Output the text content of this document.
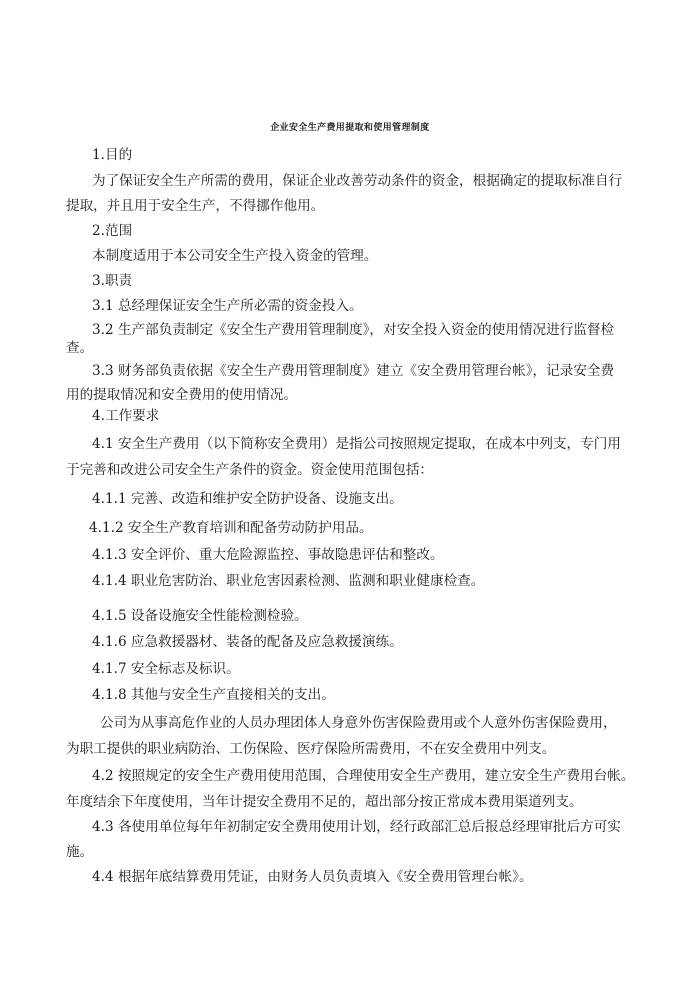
企业安全生产费用提取和使用管理制度
1.目的
为了保证安全生产所需的费用，保证企业改善劳动条件的资金，根据确定的提取标准自行
提取，并且用于安全生产，不得挪作他用。
2.范围
本制度适用于本公司安全生产投入资金的管理。
3.职责
3.1 总经理保证安全生产所必需的资金投入。
3.2 生产部负责制定《安全生产费用管理制度》，对安全投入资金的使用情况进行监督检
查。
3.3 财务部负责依据《安全生产费用管理制度》建立《安全费用管理台帐》，记录安全费
用的提取情况和安全费用的使用情况。
4.工作要求
4.1 安全生产费用（以下简称安全费用）是指公司按照规定提取，在成本中列支，专门用
于完善和改进公司安全生产条件的资金。资金使用范围包括：
4.1.1 完善、改造和维护安全防护设备、设施支出。
4.1.2 安全生产教育培训和配备劳动防护用品。
4.1.3 安全评价、重大危险源监控、事故隐患评估和整改。
4.1.4 职业危害防治、职业危害因素检测、监测和职业健康检查。
4.1.5 设备设施安全性能检测检验。
4.1.6 应急救援器材、装备的配备及应急救援演练。
4.1.7 安全标志及标识。
4.1.8 其他与安全生产直接相关的支出。
公司为从事高危作业的人员办理团体人身意外伤害保险费用或个人意外伤害保险费用，
为职工提供的职业病防治、工伤保险、医疗保险所需费用，不在安全费用中列支。
4.2 按照规定的安全生产费用使用范围，合理使用安全生产费用，建立安全生产费用台帐。
年度结余下年度使用，当年计提安全费用不足的，超出部分按正常成本费用渠道列支。
4.3 各使用单位每年年初制定安全费用使用计划，经行政部汇总后报总经理审批后方可实
施。
4.4 根据年底结算费用凭证，由财务人员负责填入《安全费用管理台帐》。
